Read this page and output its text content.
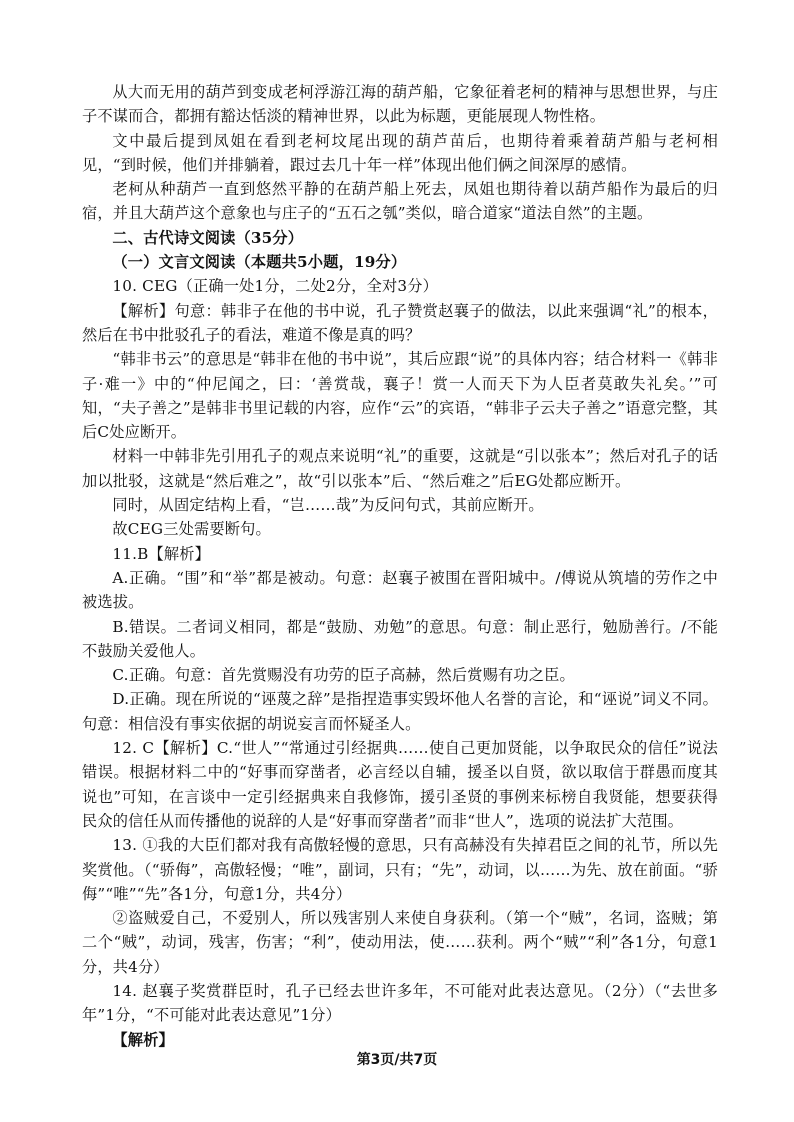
从大而无用的葫芦到变成老柯浮游江海的葫芦船，它象征着老柯的精神与思想世界，与庄子不谋而合，都拥有豁达恬淡的精神世界，以此为标题，更能展现人物性格。

文中最后提到凤姐在看到老柯坟尾出现的葫芦苗后，也期待着乘着葫芦船与老柯相见，“到时候，他们并排躺着，跟过去几十年一样”体现出他们俩之间深厚的感情。

老柯从种葫芦一直到悠然平静的在葫芦船上死去，凤姐也期待着以葫芦船作为最后的归宿，并且大葫芦这个意象也与庄子的“五石之瓠”类似，暗合道家“道法自然”的主题。

二、古代诗文阅读（35分）

（一）文言文阅读（本题共5小题，19分）

10. CEG（正确一处1分，二处2分，全对3分）

【解析】句意：韩非子在他的书中说，孔子赞赏赵襄子的做法，以此来强调“礼”的根本，然后在书中批驳孔子的看法，难道不像是真的吗？

“韩非书云”的意思是“韩非在他的书中说”，其后应跟“说”的具体内容；结合材料一《韩非子·难一》中的“仲尼闻之，曰：‘善赏哉，襄子！赏一人而天下为人臣者莫敢失礼矣。’”可知，“夫子善之”是韩非书里记载的内容，应作“云”的宾语，“韩非子云夫子善之”语意完整，其后C处应断开。

材料一中韩非先引用孔子的观点来说明“礼”的重要，这就是“引以张本”；然后对孔子的话加以批驳，这就是“然后难之”，故“引以张本”后、“然后难之”后EG处都应断开。

同时，从固定结构上看，“岂……哉”为反问句式，其前应断开。

故CEG三处需要断句。

11.B【解析】

A.正确。“围”和“举”都是被动。句意：赵襄子被围在晋阳城中。/傅说从筑墙的劳作之中被选拔。

B.错误。二者词义相同，都是“鼓励、劝勉”的意思。句意：制止恶行，勉励善行。/不能不鼓励关爱他人。

C.正确。句意：首先赏赐没有功劳的臣子高赫，然后赏赐有功之臣。

D.正确。现在所说的“诬蔑之辞”是指捏造事实毁坏他人名誉的言论，和“诬说”词义不同。句意：相信没有事实依据的胡说妄言而怀疑圣人。

12. C【解析】C.“世人”“常通过引经据典……使自己更加贤能，以争取民众的信任”说法错误。根据材料二中的“好事而穿凿者，必言经以自辅，援圣以自贤，欲以取信于群愚而度其说也”可知，在言谈中一定引经据典来自我修饰，援引圣贤的事例来标榜自我贤能，想要获得民众的信任从而传播他的说辞的人是“好事而穿凿者”而非“世人”，选项的说法扩大范围。

13. ①我的大臣们都对我有高傲轻慢的意思，只有高赫没有失掉君臣之间的礼节，所以先奖赏他。（“骄侮”，高傲轻慢；“唯”，副词，只有；“先”，动词，以……为先、放在前面。“骄侮”“唯”“先”各1分，句意1分，共4分）

②盗贼爱自己，不爱别人，所以残害别人来使自身获利。（第一个“贼”，名词，盗贼；第二个“贼”，动词，残害，伤害；“利”，使动用法，使……获利。两个“贼”“利”各1分，句意1分，共4分）

14. 赵襄子奖赏群臣时，孔子已经去世许多年，不可能对此表达意见。（2分）（“去世多年”1分，“不可能对此表达意见”1分）

【解析】

第3页/共7页
